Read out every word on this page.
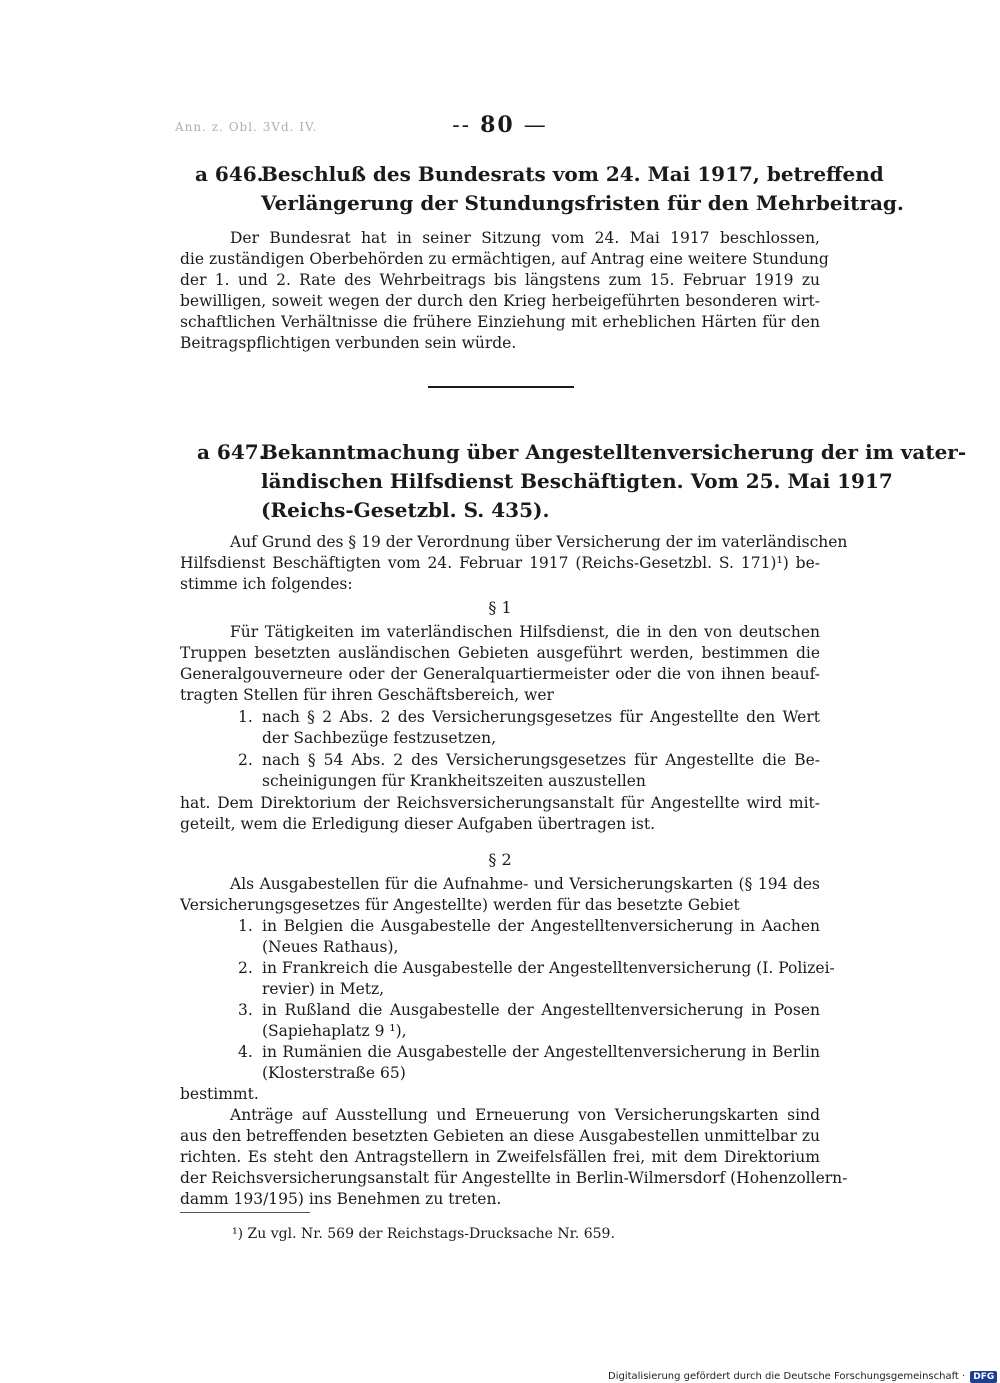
Ann. z. Obl. 3Vd. IV.	-- 80 —
a 646.
Beschluß des Bundesrats vom 24. Mai 1917, betreffend
Verlängerung der Stundungsfristen für den Mehrbeitrag.
Der Bundesrat hat in seiner Sitzung vom 24. Mai 1917 beschlossen,
die zuständigen Oberbehörden zu ermächtigen, auf Antrag eine weitere Stundung
der 1. und 2. Rate des Wehrbeitrags bis längstens zum 15. Februar 1919 zu
bewilligen, soweit wegen der durch den Krieg herbeigeführten besonderen wirt-
schaftlichen Verhältnisse die frühere Einziehung mit erheblichen Härten für den
Beitragspflichtigen verbunden sein würde.
a 647.
Bekanntmachung über Angestelltenversicherung der im vater-
ländischen Hilfsdienst Beschäftigten. Vom 25. Mai 1917
(Reichs-Gesetzbl. S. 435).
Auf Grund des § 19 der Verordnung über Versicherung der im vaterländischen
Hilfsdienst Beschäftigten vom 24. Februar 1917 (Reichs-Gesetzbl. S. 171)¹) be-
stimme ich folgendes:
§ 1
Für Tätigkeiten im vaterländischen Hilfsdienst, die in den von deutschen
Truppen besetzten ausländischen Gebieten ausgeführt werden, bestimmen die
Generalgouverneure oder der Generalquartiermeister oder die von ihnen beauf-
tragten Stellen für ihren Geschäftsbereich, wer
1. nach § 2 Abs. 2 des Versicherungsgesetzes für Angestellte den Wert
der Sachbezüge festzusetzen,
2. nach § 54 Abs. 2 des Versicherungsgesetzes für Angestellte die Be-
scheinigungen für Krankheitszeiten auszustellen
hat. Dem Direktorium der Reichsversicherungsanstalt für Angestellte wird mit-
geteilt, wem die Erledigung dieser Aufgaben übertragen ist.
§ 2
Als Ausgabestellen für die Aufnahme- und Versicherungskarten (§ 194 des
Versicherungsgesetzes für Angestellte) werden für das besetzte Gebiet
1. in Belgien die Ausgabestelle der Angestelltenversicherung in Aachen
(Neues Rathaus),
2. in Frankreich die Ausgabestelle der Angestelltenversicherung (I. Polizei-
revier) in Metz,
3. in Rußland die Ausgabestelle der Angestelltenversicherung in Posen
(Sapiehaplatz 9 ¹),
4. in Rumänien die Ausgabestelle der Angestelltenversicherung in Berlin
(Klosterstraße 65)
bestimmt.
Anträge auf Ausstellung und Erneuerung von Versicherungskarten sind
aus den betreffenden besetzten Gebieten an diese Ausgabestellen unmittelbar zu
richten. Es steht den Antragstellern in Zweifelsfällen frei, mit dem Direktorium
der Reichsversicherungsanstalt für Angestellte in Berlin-Wilmersdorf (Hohenzollern-
damm 193/195) ins Benehmen zu treten.
¹) Zu vgl. Nr. 569 der Reichstags-Drucksache Nr. 659.
Digitalisierung gefördert durch die Deutsche Forschungsgemeinschaft · DFG
